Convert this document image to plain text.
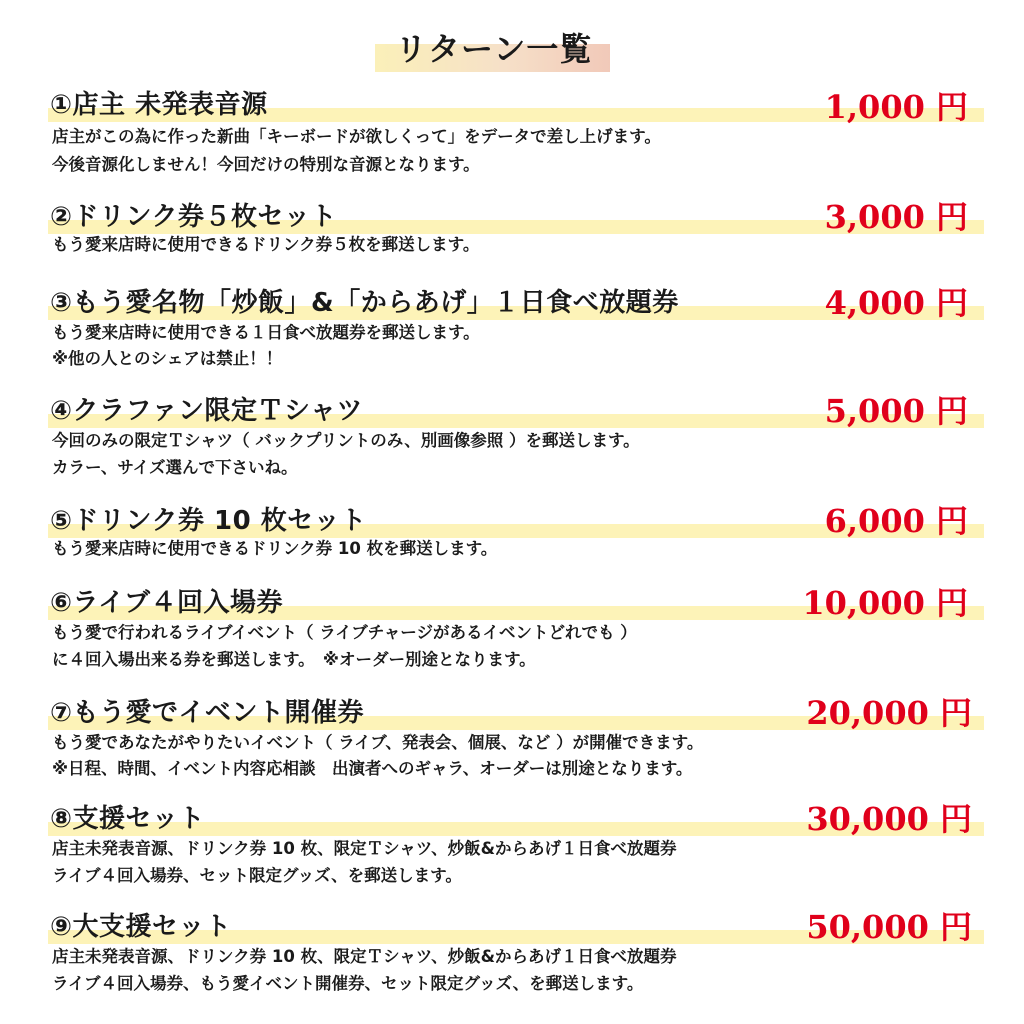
リターン一覧
①店主 未発表音源	1,000 円
店主がこの為に作った新曲「キーボードが欲しくって」をデータで差し上げます。
今後音源化しません！今回だけの特別な音源となります。
②ドリンク券５枚セット	3,000 円
もう愛来店時に使用できるドリンク券５枚を郵送します。
③もう愛名物「炒飯」&「からあげ」１日食べ放題券	4,000 円
もう愛来店時に使用できる１日食べ放題券を郵送します。
※他の人とのシェアは禁止！！
④クラファン限定Ｔシャツ	5,000 円
今回のみの限定Ｔシャツ（ バックプリントのみ、別画像参照 ）を郵送します。
カラー、サイズ選んで下さいね。
⑤ドリンク券 10 枚セット	6,000 円
もう愛来店時に使用できるドリンク券 10 枚を郵送します。
⑥ライブ４回入場券	10,000 円
もう愛で行われるライブイベント（ ライブチャージがあるイベントどれでも ）
に４回入場出来る券を郵送します。　※オーダー別途となります。
⑦もう愛でイベント開催券	20,000 円
もう愛であなたがやりたいイベント（ ライブ、発表会、個展、など ）が開催できます。
※日程、時間、イベント内容応相談　出演者へのギャラ、オーダーは別途となります。
⑧支援セット	30,000 円
店主未発表音源、ドリンク券 10 枚、限定Ｔシャツ、炒飯&からあげ１日食べ放題券
ライブ４回入場券、セット限定グッズ、を郵送します。
⑨大支援セット	50,000 円
店主未発表音源、ドリンク券 10 枚、限定Ｔシャツ、炒飯&からあげ１日食べ放題券
ライブ４回入場券、もう愛イベント開催券、セット限定グッズ、を郵送します。
